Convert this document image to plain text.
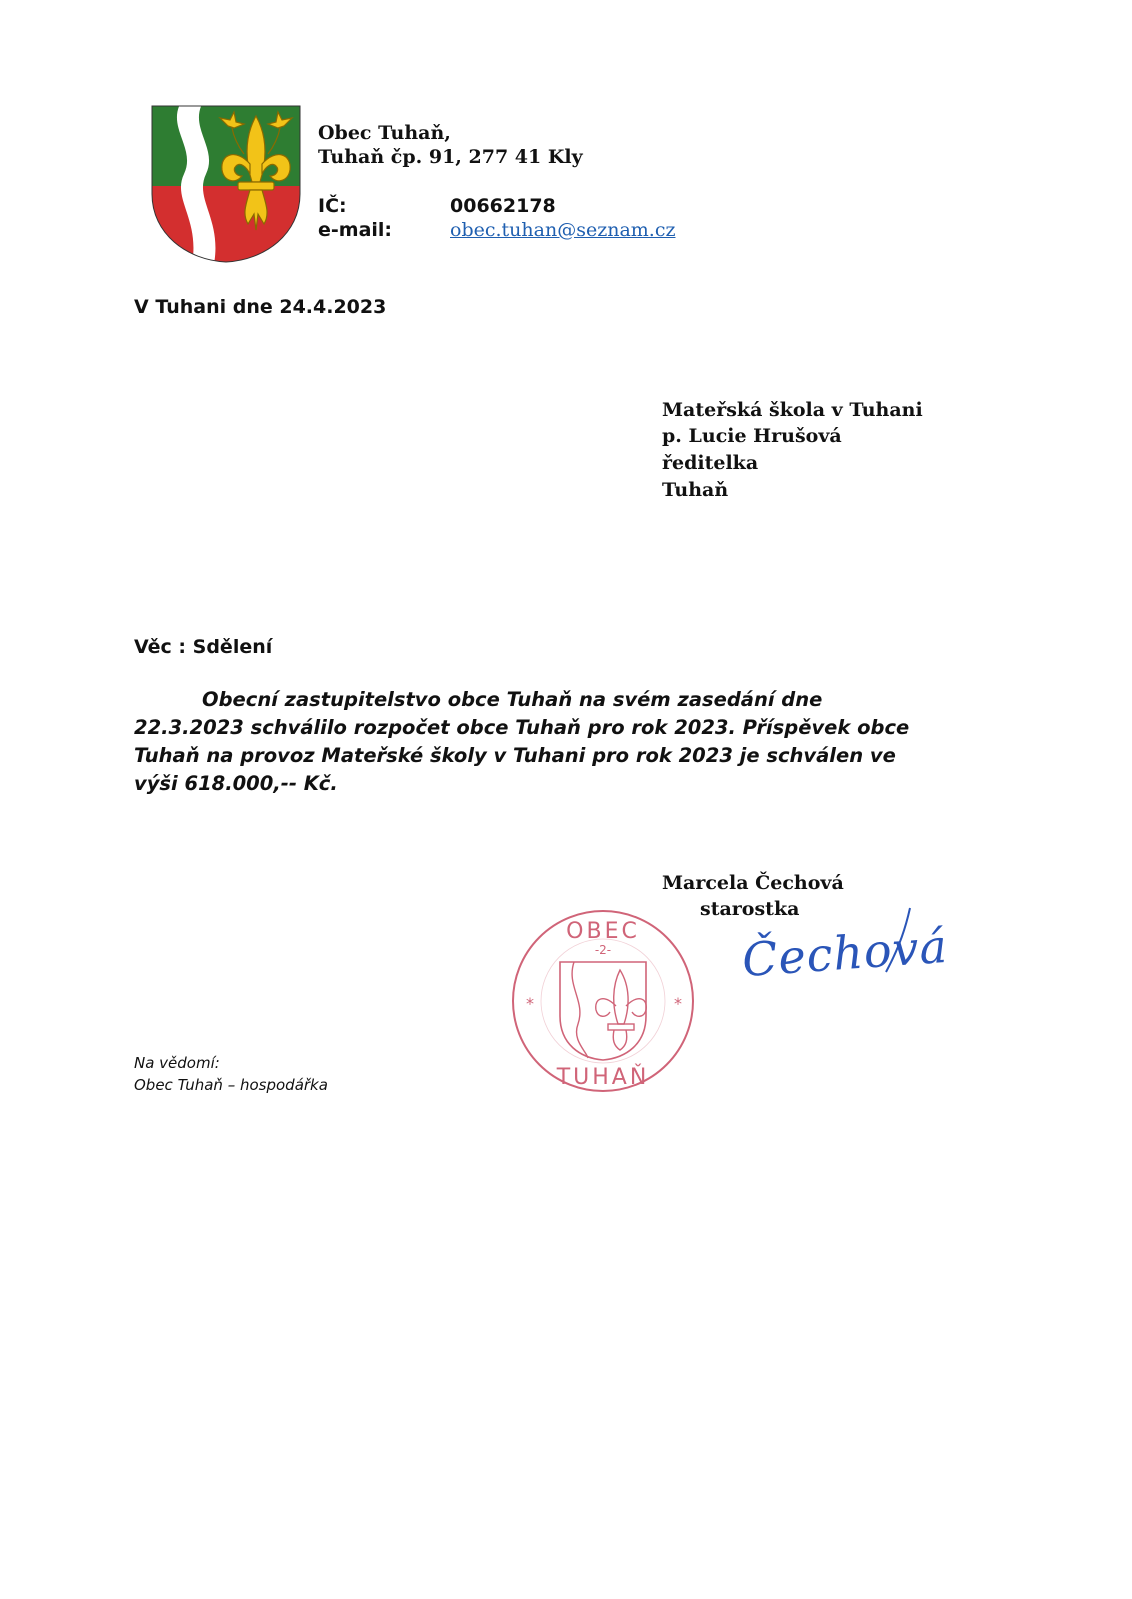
Obec Tuhaň,
Tuhaň čp. 91, 277 41 Kly
IČ:	00662178
e-mail:	obec.tuhan@seznam.cz
V Tuhani dne 24.4.2023
Mateřská škola v Tuhani
p. Lucie Hrušová
ředitelka
Tuhaň
Věc : Sdělení
Obecní zastupitelstvo obce Tuhaň na svém zasedání dne
22.3.2023 schválilo rozpočet obce Tuhaň pro rok 2023. Příspěvek obce
Tuhaň na provoz Mateřské školy v Tuhani pro rok 2023 je schválen ve
výši 618.000,-- Kč.
Marcela Čechová
starostka
OBEC
-2-
*	*
TUHAŇ
Čechová
Na vědomí:
Obec Tuhaň – hospodářka
